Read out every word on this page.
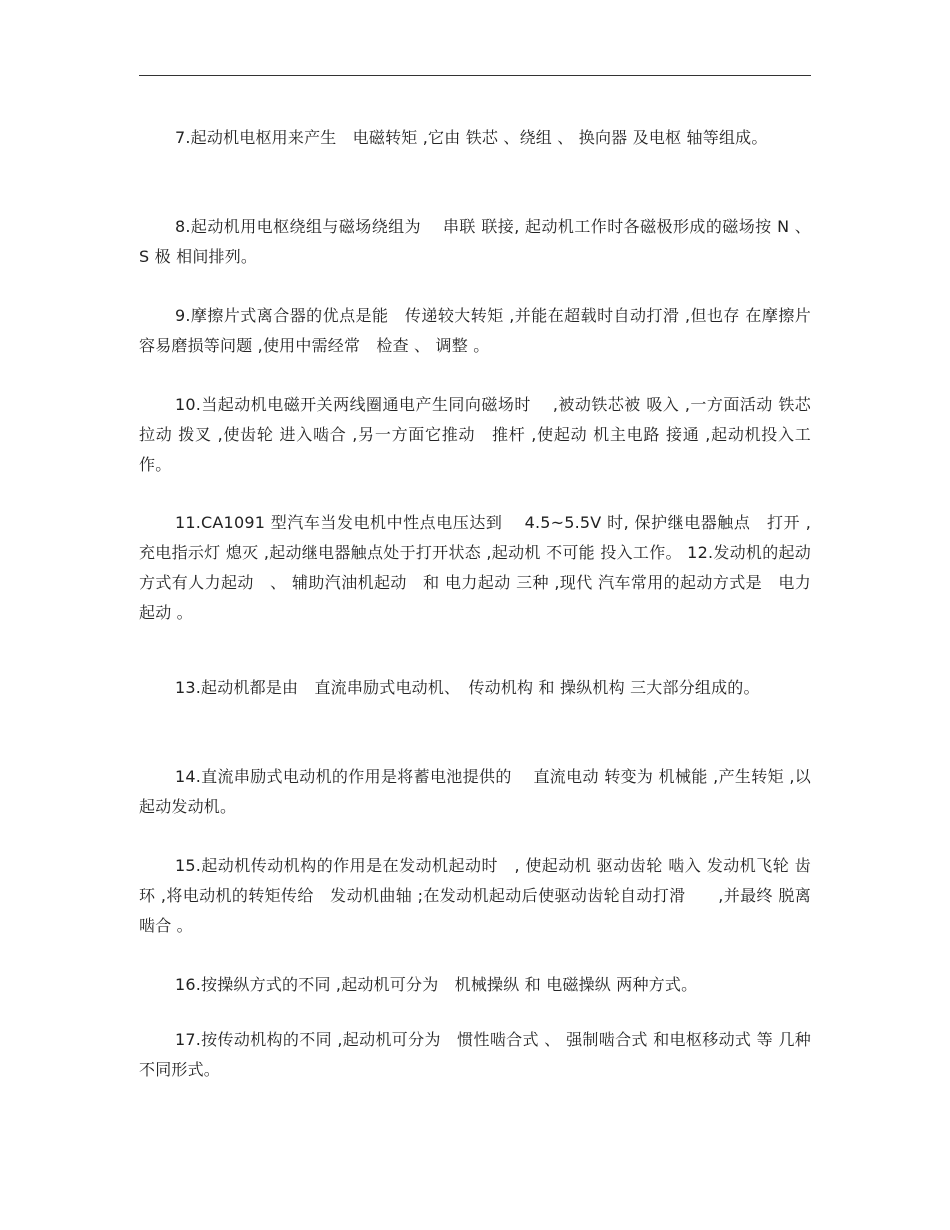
7.起动机电枢用来产生　电磁转矩 ,它由 铁芯 、绕组 、 换向器 及电枢 轴等组成。

8.起动机用电枢绕组与磁场绕组为　 串联 联接, 起动机工作时各磁极形成的磁场按 N 、 S 极 相间排列。

9.摩擦片式离合器的优点是能　传递较大转矩 ,并能在超载时自动打滑 ,但也存 在摩擦片容易磨损等问题 ,使用中需经常　检查 、 调整 。

10.当起动机电磁开关两线圈通电产生同向磁场时　 ,被动铁芯被 吸入 ,一方面活动 铁芯拉动 拨叉 ,使齿轮 进入啮合 ,另一方面它推动　推杆 ,使起动 机主电路 接通 ,起动机投入工作。

11.CA1091 型汽车当发电机中性点电压达到　 4.5~5.5V 时, 保护继电器触点　打开 , 充电指示灯 熄灭 ,起动继电器触点处于打开状态 ,起动机 不可能 投入工作。 12.发动机的起动方式有人力起动　、 辅助汽油机起动　和 电力起动 三种 ,现代 汽车常用的起动方式是　电力起动 。

13.起动机都是由　直流串励式电动机、　传动机构 和 操纵机构 三大部分组成的。

14.直流串励式电动机的作用是将蓄电池提供的　 直流电动 转变为 机械能 ,产生转矩 ,以起动发动机。

15.起动机传动机构的作用是在发动机起动时　, 使起动机 驱动齿轮 啮入 发动机飞轮 齿环 ,将电动机的转矩传给　发动机曲轴 ;在发动机起动后使驱动齿轮自动打滑　　,并最终 脱离啮合 。

16.按操纵方式的不同 ,起动机可分为　机械操纵 和 电磁操纵 两种方式。

17.按传动机构的不同 ,起动机可分为　惯性啮合式 、 强制啮合式 和电枢移动式 等 几种不同形式。
